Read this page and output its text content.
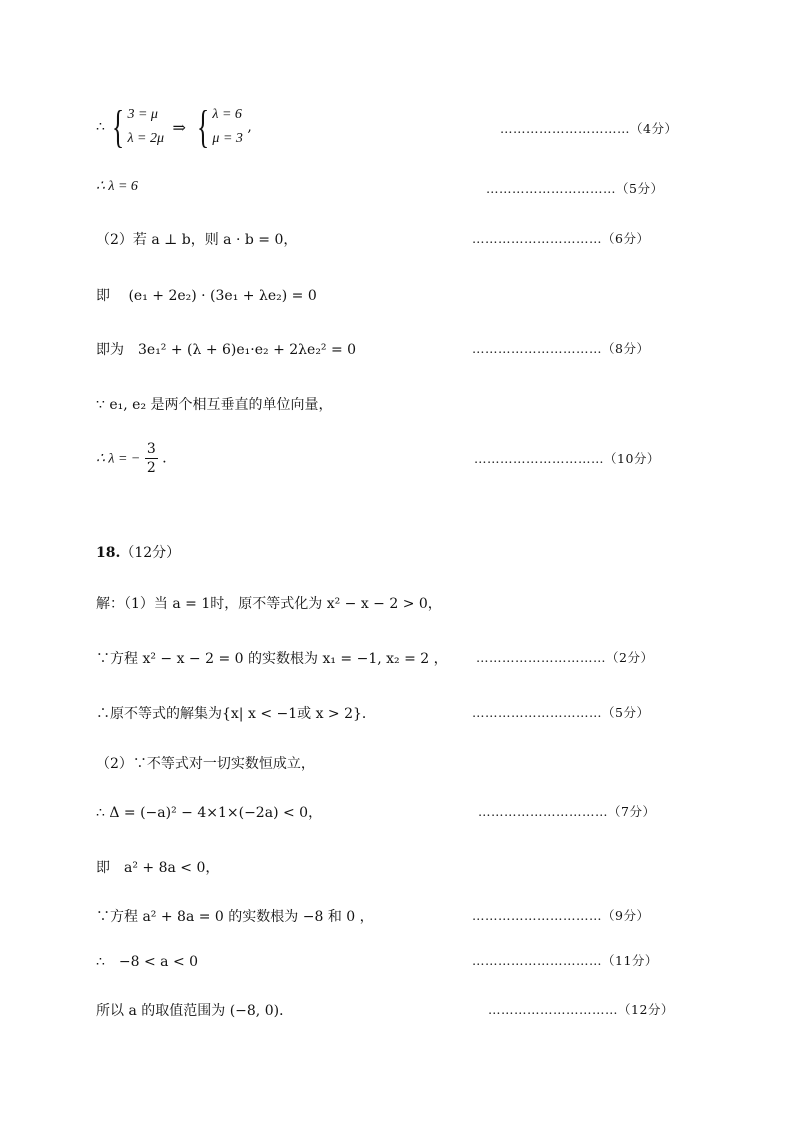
∴ { 3 = μ
λ = 2μ
⇒ { λ = 6
μ = 3
,	…………………………（4分）
∴ λ = 6	…………………………（5分）
（2）若 a ⊥ b，则 a · b = 0，	…………………………（6分）
即　 (e₁ + 2e₂) · (3e₁ + λe₂) = 0
即为　3e₁² + (λ + 6)e₁·e₂ + 2λe₂² = 0	…………………………（8分）
∵ e₁, e₂ 是两个相互垂直的单位向量，
∴ λ = − $\frac{3}{2}$ ．	…………………………（10分）
18.（12分）
解：（1）当 a = 1时，原不等式化为 x² − x − 2 > 0，
∵方程 x² − x − 2 = 0 的实数根为 x₁ = −1, x₂ = 2 ， …………………………（2分）
∴原不等式的解集为{x| x < −1或 x > 2}．	…………………………（5分）
（2）∵不等式对一切实数恒成立，
∴ Δ = (−a)² − 4×1×(−2a) < 0，	…………………………（7分）
即　a² + 8a < 0，
∵方程 a² + 8a = 0 的实数根为 −8 和 0 ，	…………………………（9分）
∴　−8 < a < 0	…………………………（11分）
所以 a 的取值范围为 (−8, 0)．	…………………………（12分）
